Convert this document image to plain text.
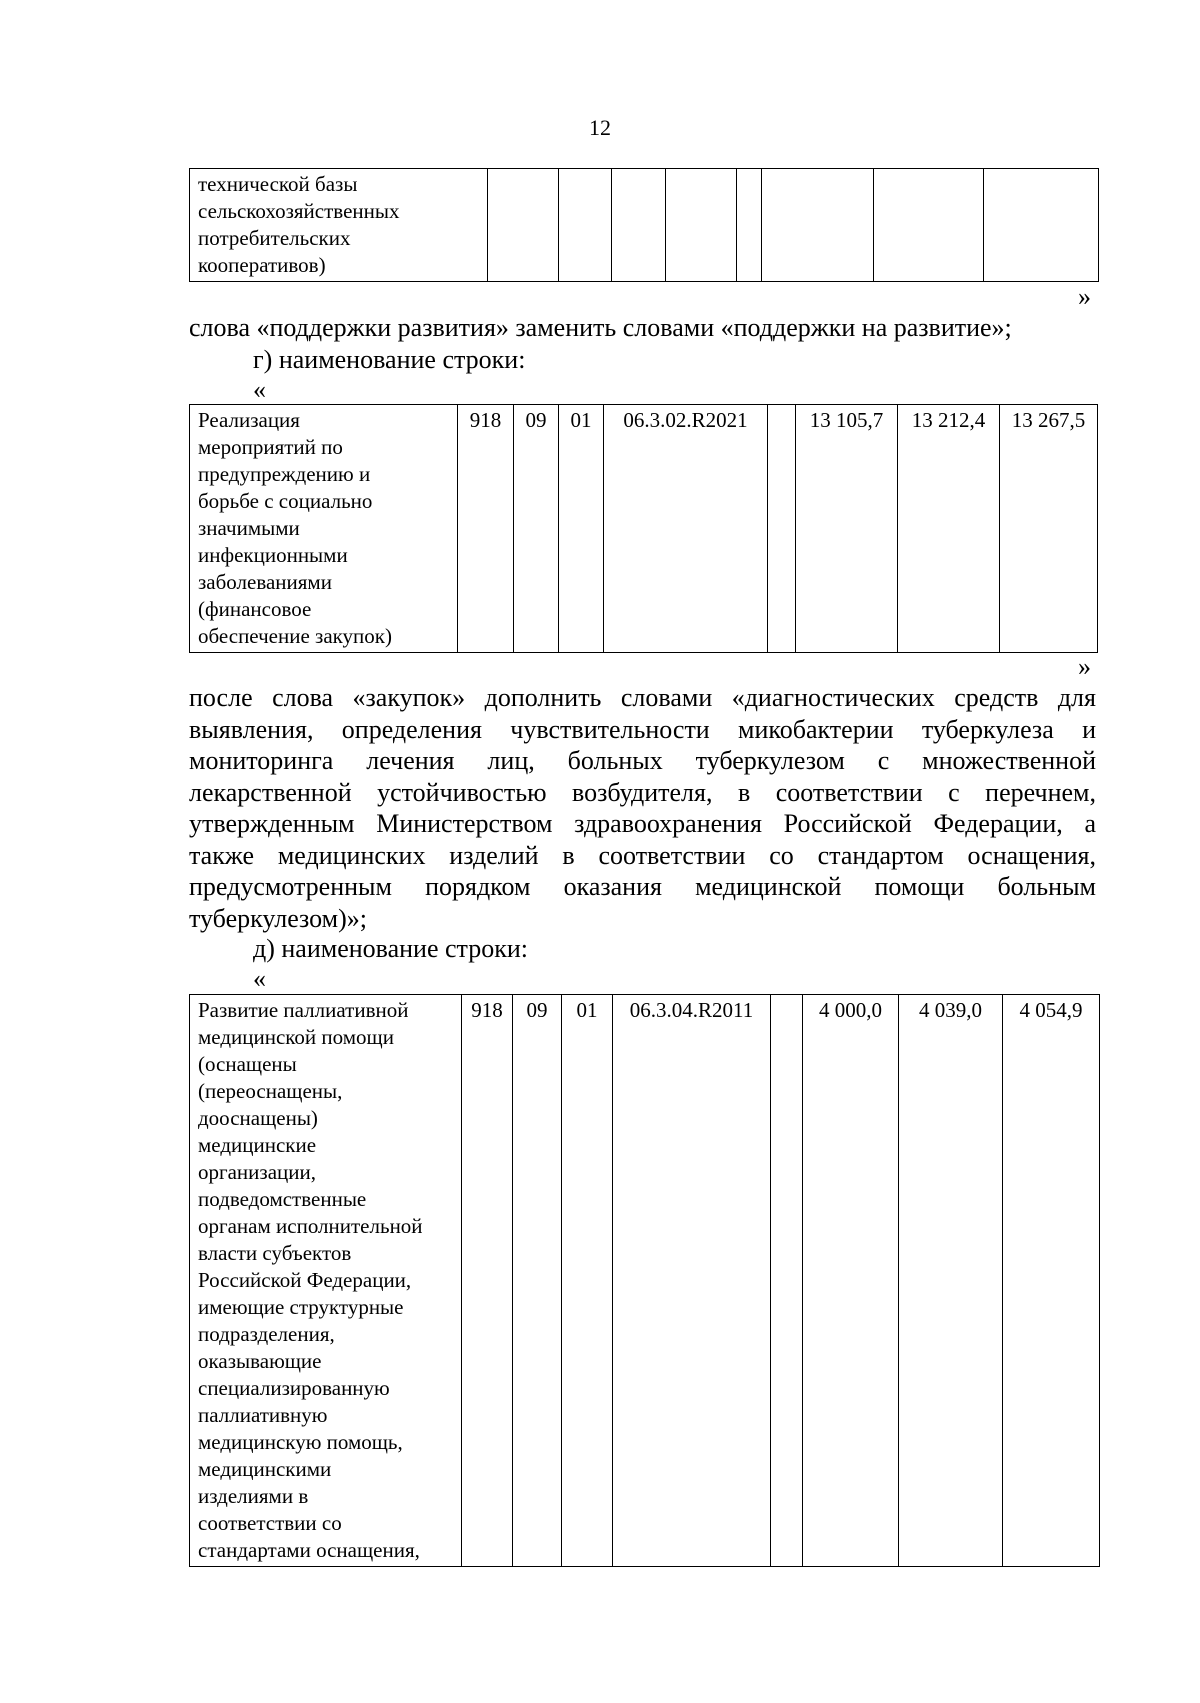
12
технической базы
сельскохозяйственных
потребительских
кооперативов)

»
слова «поддержки развития» заменить словами «поддержки на развитие»;
г) наименование строки:
«
Реализация
мероприятий по
предупреждению и
борьбе с социально
значимыми
инфекционными
заболеваниями
(финансовое
обеспечение закупок)
	918	09	01	06.3.02.R2021		13 105,7	13 212,4	13 267,5
»
после слова «закупок» дополнить словами «диагностических средств для
выявления, определения чувствительности микобактерии туберкулеза и
мониторинга лечения лиц, больных туберкулезом с множественной
лекарственной устойчивостью возбудителя, в соответствии с перечнем,
утвержденным Министерством здравоохранения Российской Федерации, а
также медицинских изделий в соответствии со стандартом оснащения,
предусмотренным порядком оказания медицинской помощи больным
туберкулезом)»;
д) наименование строки:
«
Развитие паллиативной
медицинской помощи
(оснащены
(переоснащены,
дооснащены)
медицинские
организации,
подведомственные
органам исполнительной
власти субъектов
Российской Федерации,
имеющие структурные
подразделения,
оказывающие
специализированную
паллиативную
медицинскую помощь,
медицинскими
изделиями в
соответствии со
стандартами оснащения,
	918	09	01	06.3.04.R2011		4 000,0	4 039,0	4 054,9
